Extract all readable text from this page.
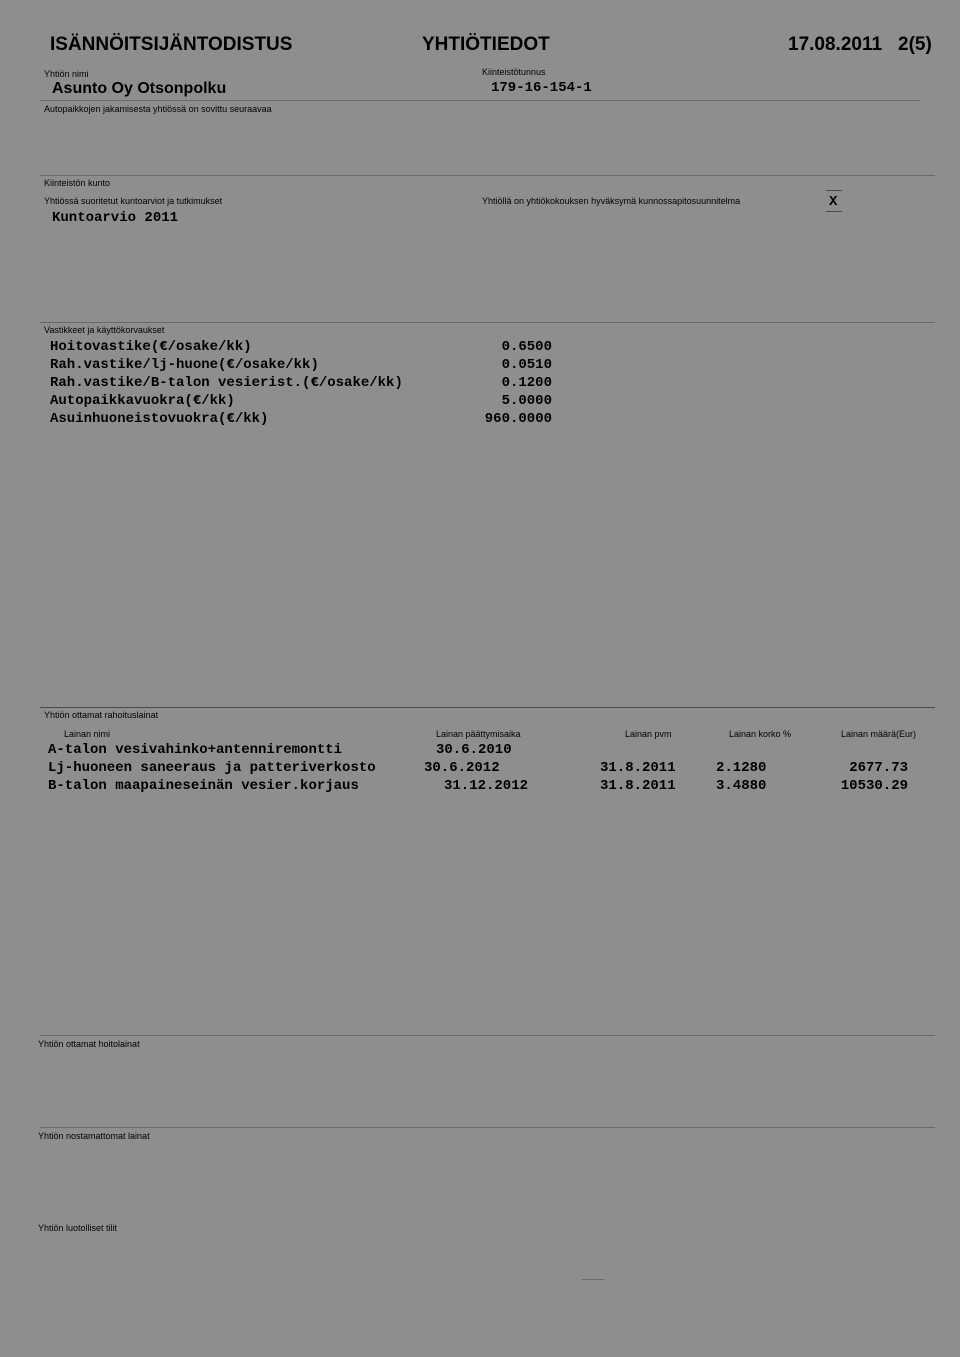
ISÄNNÖITSIJÄNTODISTUS	YHTIÖTIEDOT	17.08.2011 2(5)
Yhtiön nimi
Asunto Oy Otsonpolku
Kiinteistötunnus
179-16-154-1
Autopaikkojen jakamisesta yhtiössä on sovittu seuraavaa
Kiinteistön kunto
Yhtiössä suoritetut kuntoarviot ja tutkimukset
Kuntoarvio 2011
Yhtiöllä on yhtiökokouksen hyväksymä kunnossapitosuunnitelma	X
Vastikkeet ja käyttökorvaukset
Hoitovastike(€/osake/kk)	0.6500
Rah.vastike/lj-huone(€/osake/kk)	0.0510
Rah.vastike/B-talon vesierist.(€/osake/kk)	0.1200
Autopaikkavuokra(€/kk)	5.0000
Asuinhuoneistovuokra(€/kk)	960.0000
Yhtiön ottamat rahoituslainat
Lainan nimi	Lainan päättymisaika	Lainan pvm	Lainan korko %	Lainan määrä(Eur)
A-talon vesivahinko+antenniremontti	30.6.2010
Lj-huoneen saneeraus ja patteriverkosto	30.6.2012	31.8.2011	2.1280	2677.73
B-talon maapaineseinän vesier.korjaus	31.12.2012	31.8.2011	3.4880	10530.29
Yhtiön ottamat hoitolainat
Yhtiön nostamattomat lainat
Yhtiön luotolliset tilit
